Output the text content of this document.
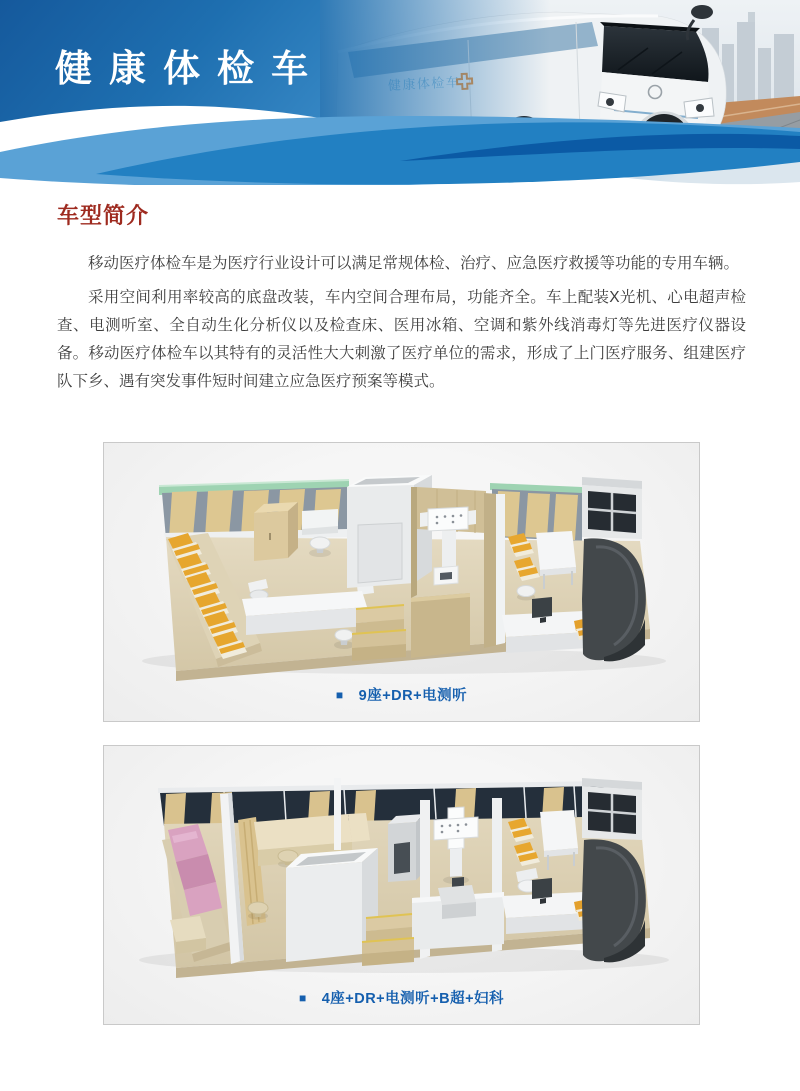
健康体检车
车型简介

移动医疗体检车是为医疗行业设计可以满足常规体检、治疗、应急医疗救援等功能的专用车辆。

采用空间利用率较高的底盘改装，车内空间合理布局，功能齐全。车上配装X光机、心电超声检查、电测听室、全自动生化分析仪以及检查床、医用冰箱、空调和紫外线消毒灯等先进医疗仪器设备。移动医疗体检车以其特有的灵活性大大刺激了医疗单位的需求，形成了上门医疗服务、组建医疗队下乡、遇有突发事件短时间建立应急医疗预案等模式。

■ 9座+DR+电测听
■ 4座+DR+电测听+B超+妇科
